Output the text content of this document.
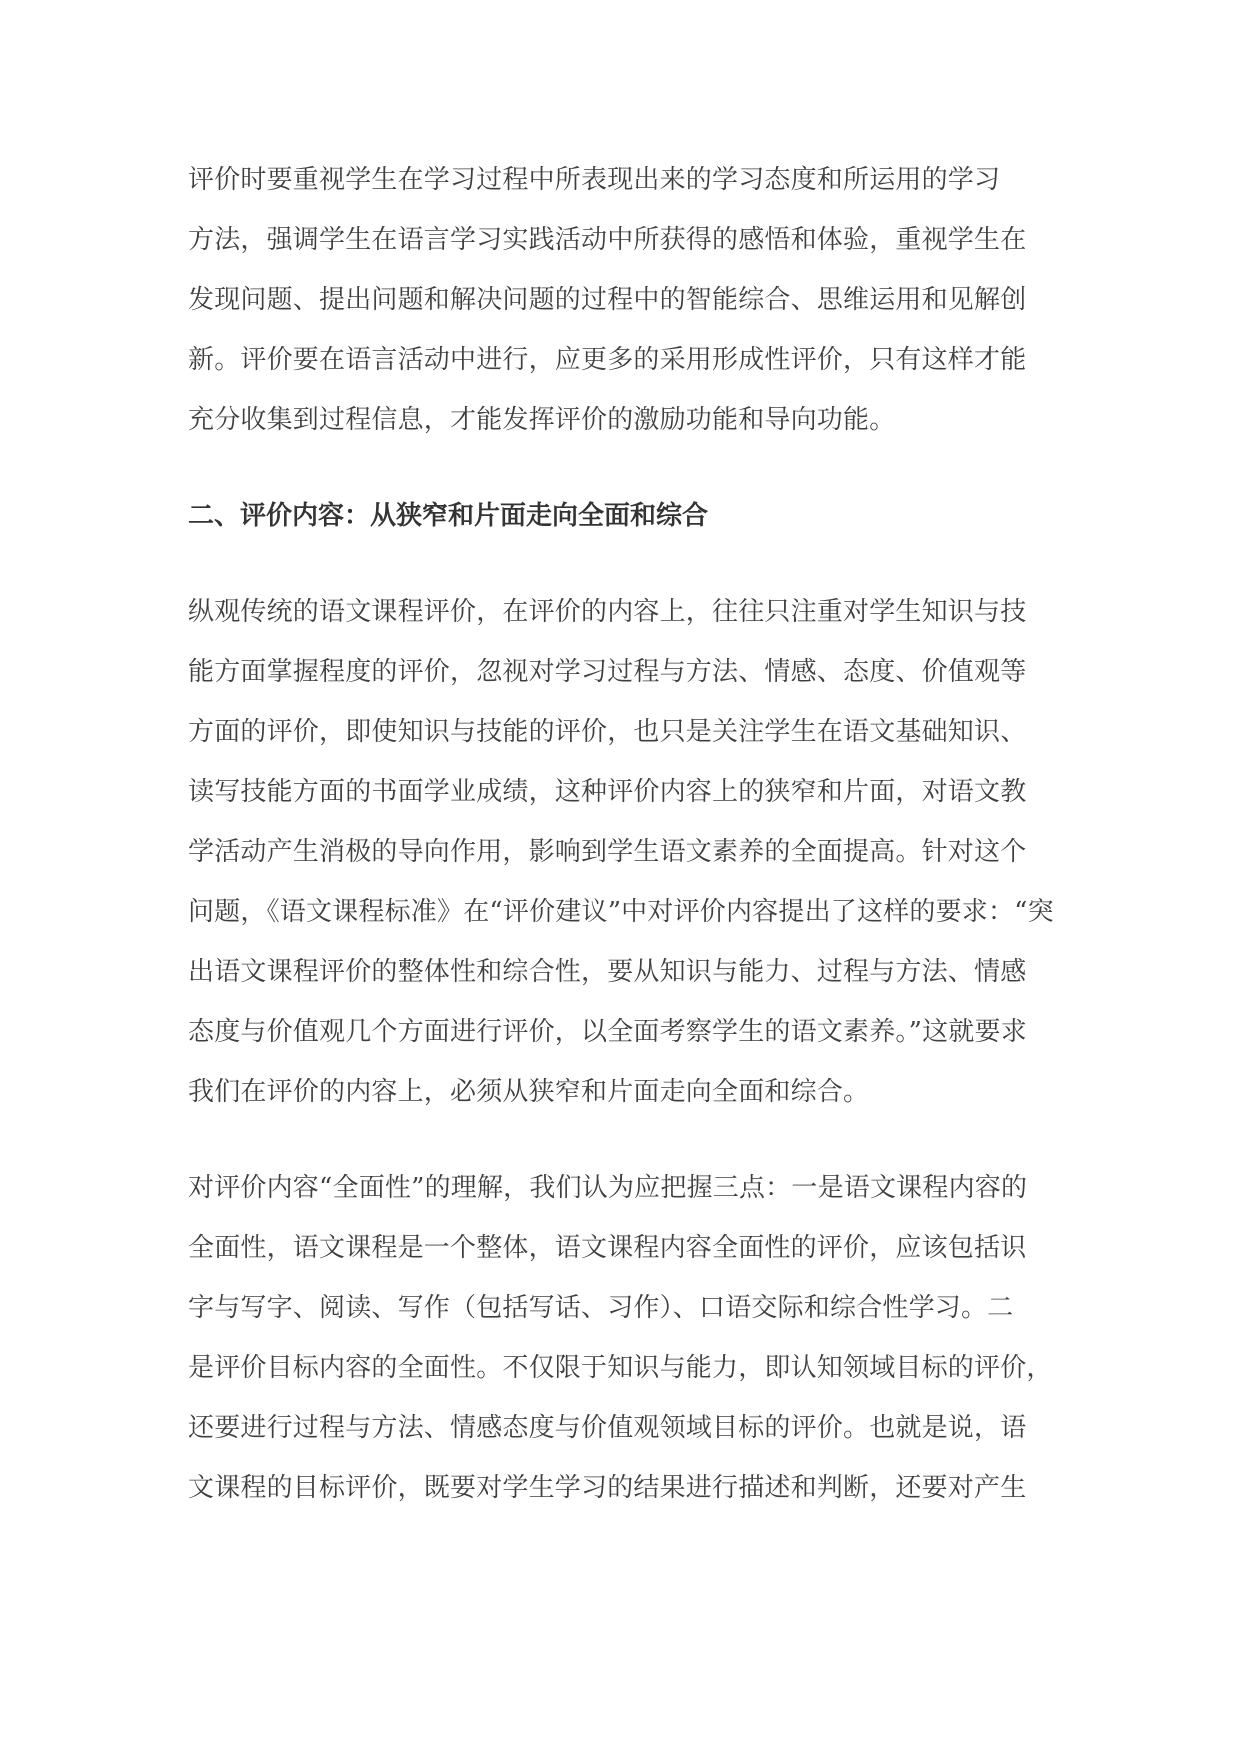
评价时要重视学生在学习过程中所表现出来的学习态度和所运用的学习
方法，强调学生在语言学习实践活动中所获得的感悟和体验，重视学生在
发现问题、提出问题和解决问题的过程中的智能综合、思维运用和见解创
新。评价要在语言活动中进行，应更多的采用形成性评价，只有这样才能
充分收集到过程信息，才能发挥评价的激励功能和导向功能。

二、评价内容：从狭窄和片面走向全面和综合

纵观传统的语文课程评价，在评价的内容上，往往只注重对学生知识与技
能方面掌握程度的评价，忽视对学习过程与方法、情感、态度、价值观等
方面的评价，即使知识与技能的评价，也只是关注学生在语文基础知识、
读写技能方面的书面学业成绩，这种评价内容上的狭窄和片面，对语文教
学活动产生消极的导向作用，影响到学生语文素养的全面提高。针对这个
问题，《语文课程标准》在“评价建议”中对评价内容提出了这样的要求：“突
出语文课程评价的整体性和综合性，要从知识与能力、过程与方法、情感
态度与价值观几个方面进行评价，以全面考察学生的语文素养。”这就要求
我们在评价的内容上，必须从狭窄和片面走向全面和综合。

对评价内容“全面性”的理解，我们认为应把握三点：一是语文课程内容的
全面性，语文课程是一个整体，语文课程内容全面性的评价，应该包括识
字与写字、阅读、写作（包括写话、习作）、口语交际和综合性学习。二
是评价目标内容的全面性。不仅限于知识与能力，即认知领域目标的评价，
还要进行过程与方法、情感态度与价值观领域目标的评价。也就是说，语
文课程的目标评价，既要对学生学习的结果进行描述和判断，还要对产生
